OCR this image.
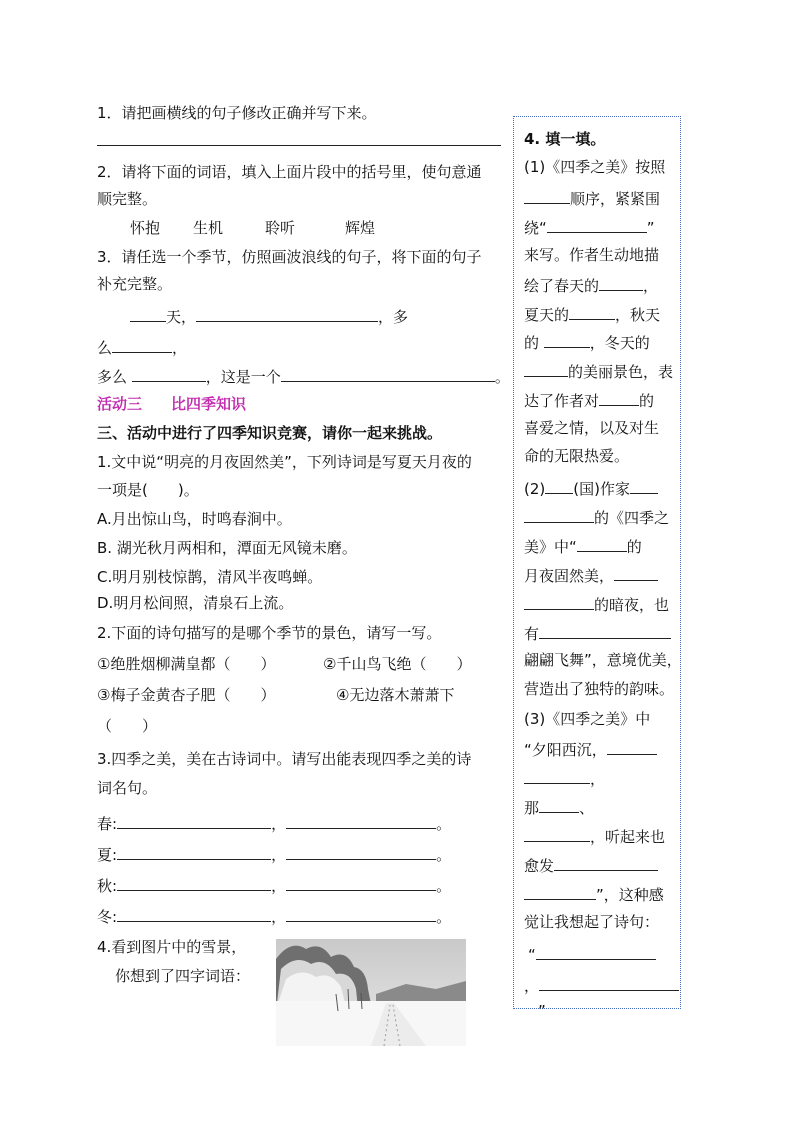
1．请把画横线的句子修改正确并写下来。
2．请将下面的词语，填入上面片段中的括号里，使句意通
顺完整。
怀抱 生机	聆听	辉煌
3．请任选一个季节，仿照画波浪线的句子，将下面的句子
补充完整。
天，	，多
么	，
多么	，这是一个	。
活动三 比四季知识
三、活动中进行了四季知识竞赛，请你一起来挑战。
1.文中说“明亮的月夜固然美”，下列诗词是写夏天月夜的
一项是(　　)。
A.月出惊山鸟，时鸣春涧中。
B. 湖光秋月两相和，潭面无风镜未磨。
C.明月别枝惊鹊，清风半夜鸣蝉。
D.明月松间照，清泉石上流。
2.下面的诗句描写的是哪个季节的景色，请写一写。
①绝胜烟柳满皇都（　　）	②千山鸟飞绝（　　）
③梅子金黄杏子肥（　　）	④无边落木萧萧下
（　　）
3.四季之美，美在古诗词中。请写出能表现四季之美的诗
词名句。
春:	，	。
夏:	，	。
秋:	，	。
冬:	，	。
4.看到图片中的雪景，
你想到了四字词语：
4. 填一填。
(1)《四季之美》按照
顺序，紧紧围
绕“	”
来写。作者生动地描
绘了春天的	，
夏天的	，秋天
的	，冬天的
的美丽景色，表
达了作者对	的
喜爱之情，以及对生
命的无限热爱。
(2) (国)作家
的《四季之
美》中“	的
月夜固然美，
的暗夜，也
有
翩翩飞舞”，意境优美，
营造出了独特的韵味。
(3)《四季之美》中
“夕阳西沉，
，
那	、
，听起来也
愈发
”，这种感
觉让我想起了诗句：
“
，
”
